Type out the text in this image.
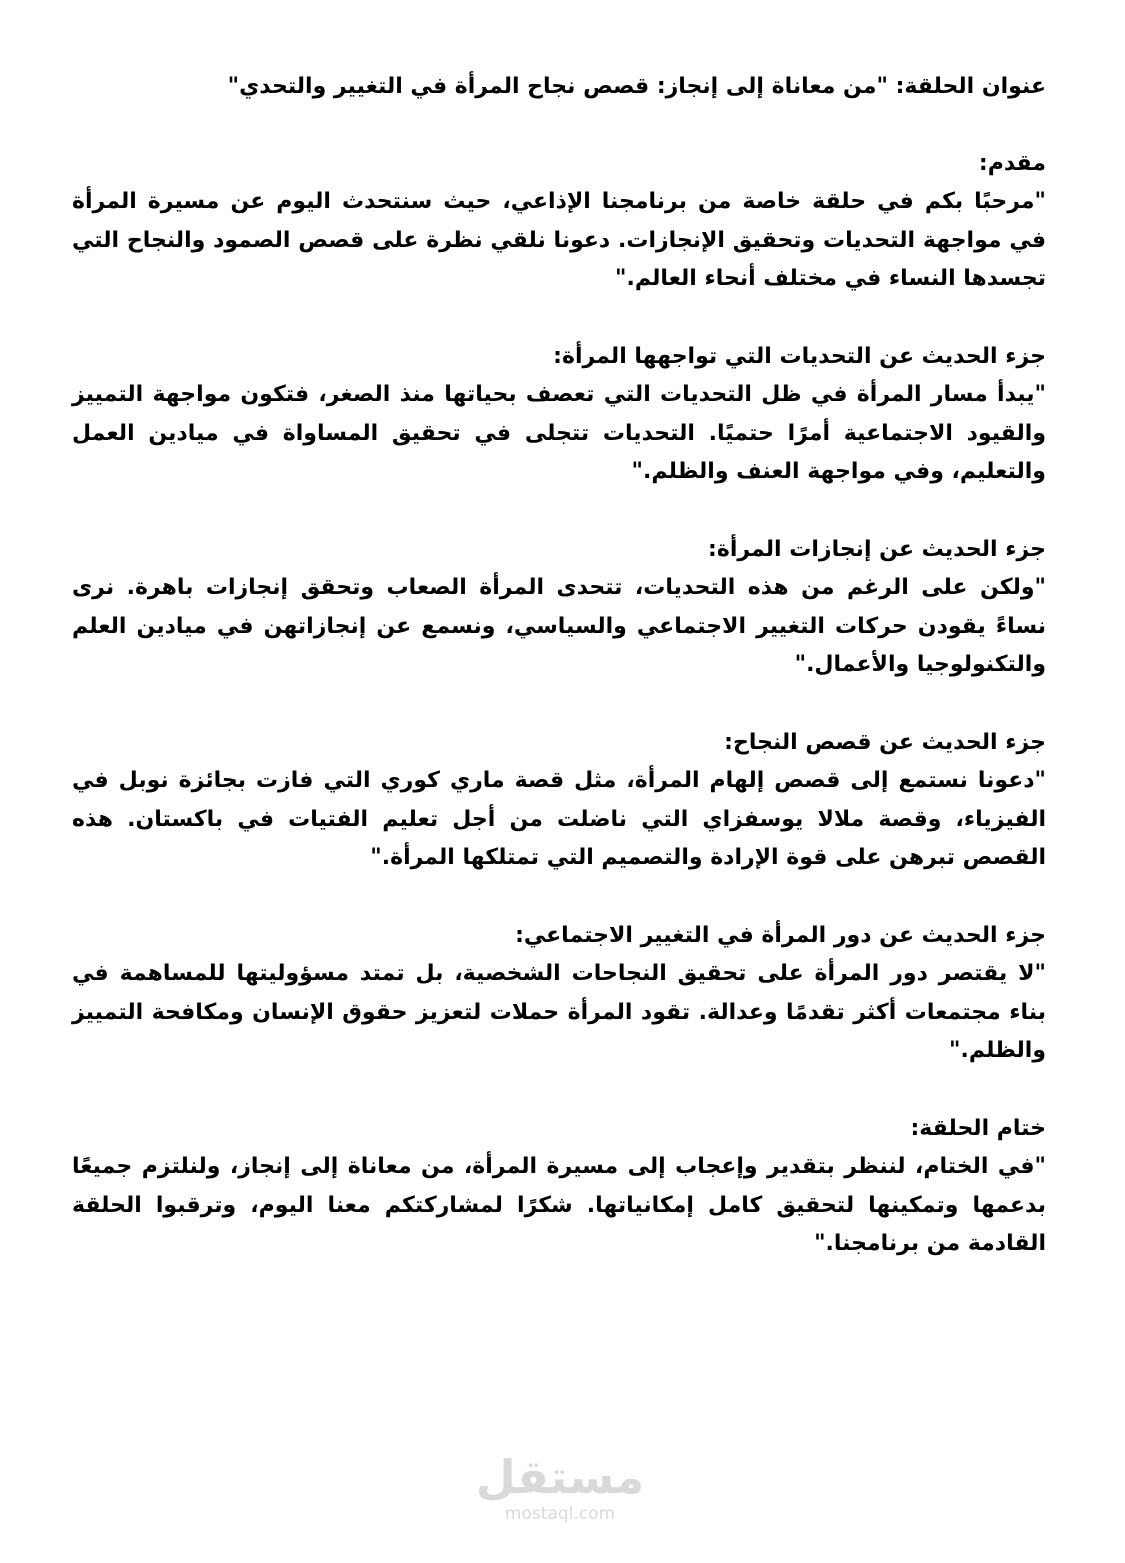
عنوان الحلقة: "من معاناة إلى إنجاز: قصص نجاح المرأة في التغيير والتحدي"
مقدم:
"مرحبًا بكم في حلقة خاصة من برنامجنا الإذاعي، حيث سنتحدث اليوم عن مسيرة المرأة في مواجهة التحديات وتحقيق الإنجازات. دعونا نلقي نظرة على قصص الصمود والنجاح التي تجسدها النساء في مختلف أنحاء العالم."
جزء الحديث عن التحديات التي تواجهها المرأة:
"يبدأ مسار المرأة في ظل التحديات التي تعصف بحياتها منذ الصغر، فتكون مواجهة التمييز والقيود الاجتماعية أمرًا حتميًا. التحديات تتجلى في تحقيق المساواة في ميادين العمل والتعليم، وفي مواجهة العنف والظلم."
جزء الحديث عن إنجازات المرأة:
"ولكن على الرغم من هذه التحديات، تتحدى المرأة الصعاب وتحقق إنجازات باهرة. نرى نساءً يقودن حركات التغيير الاجتماعي والسياسي، ونسمع عن إنجازاتهن في ميادين العلم والتكنولوجيا والأعمال."
جزء الحديث عن قصص النجاح:
"دعونا نستمع إلى قصص إلهام المرأة، مثل قصة ماري كوري التي فازت بجائزة نوبل في الفيزياء، وقصة ملالا يوسفزاي التي ناضلت من أجل تعليم الفتيات في باكستان. هذه القصص تبرهن على قوة الإرادة والتصميم التي تمتلكها المرأة."
جزء الحديث عن دور المرأة في التغيير الاجتماعي:
"لا يقتصر دور المرأة على تحقيق النجاحات الشخصية، بل تمتد مسؤوليتها للمساهمة في بناء مجتمعات أكثر تقدمًا وعدالة. تقود المرأة حملات لتعزيز حقوق الإنسان ومكافحة التمييز والظلم."
ختام الحلقة:
"في الختام، لننظر بتقدير وإعجاب إلى مسيرة المرأة، من معاناة إلى إنجاز، ولنلتزم جميعًا بدعمها وتمكينها لتحقيق كامل إمكانياتها. شكرًا لمشاركتكم معنا اليوم، وترقبوا الحلقة القادمة من برنامجنا."
مستقل
mostaql.com
